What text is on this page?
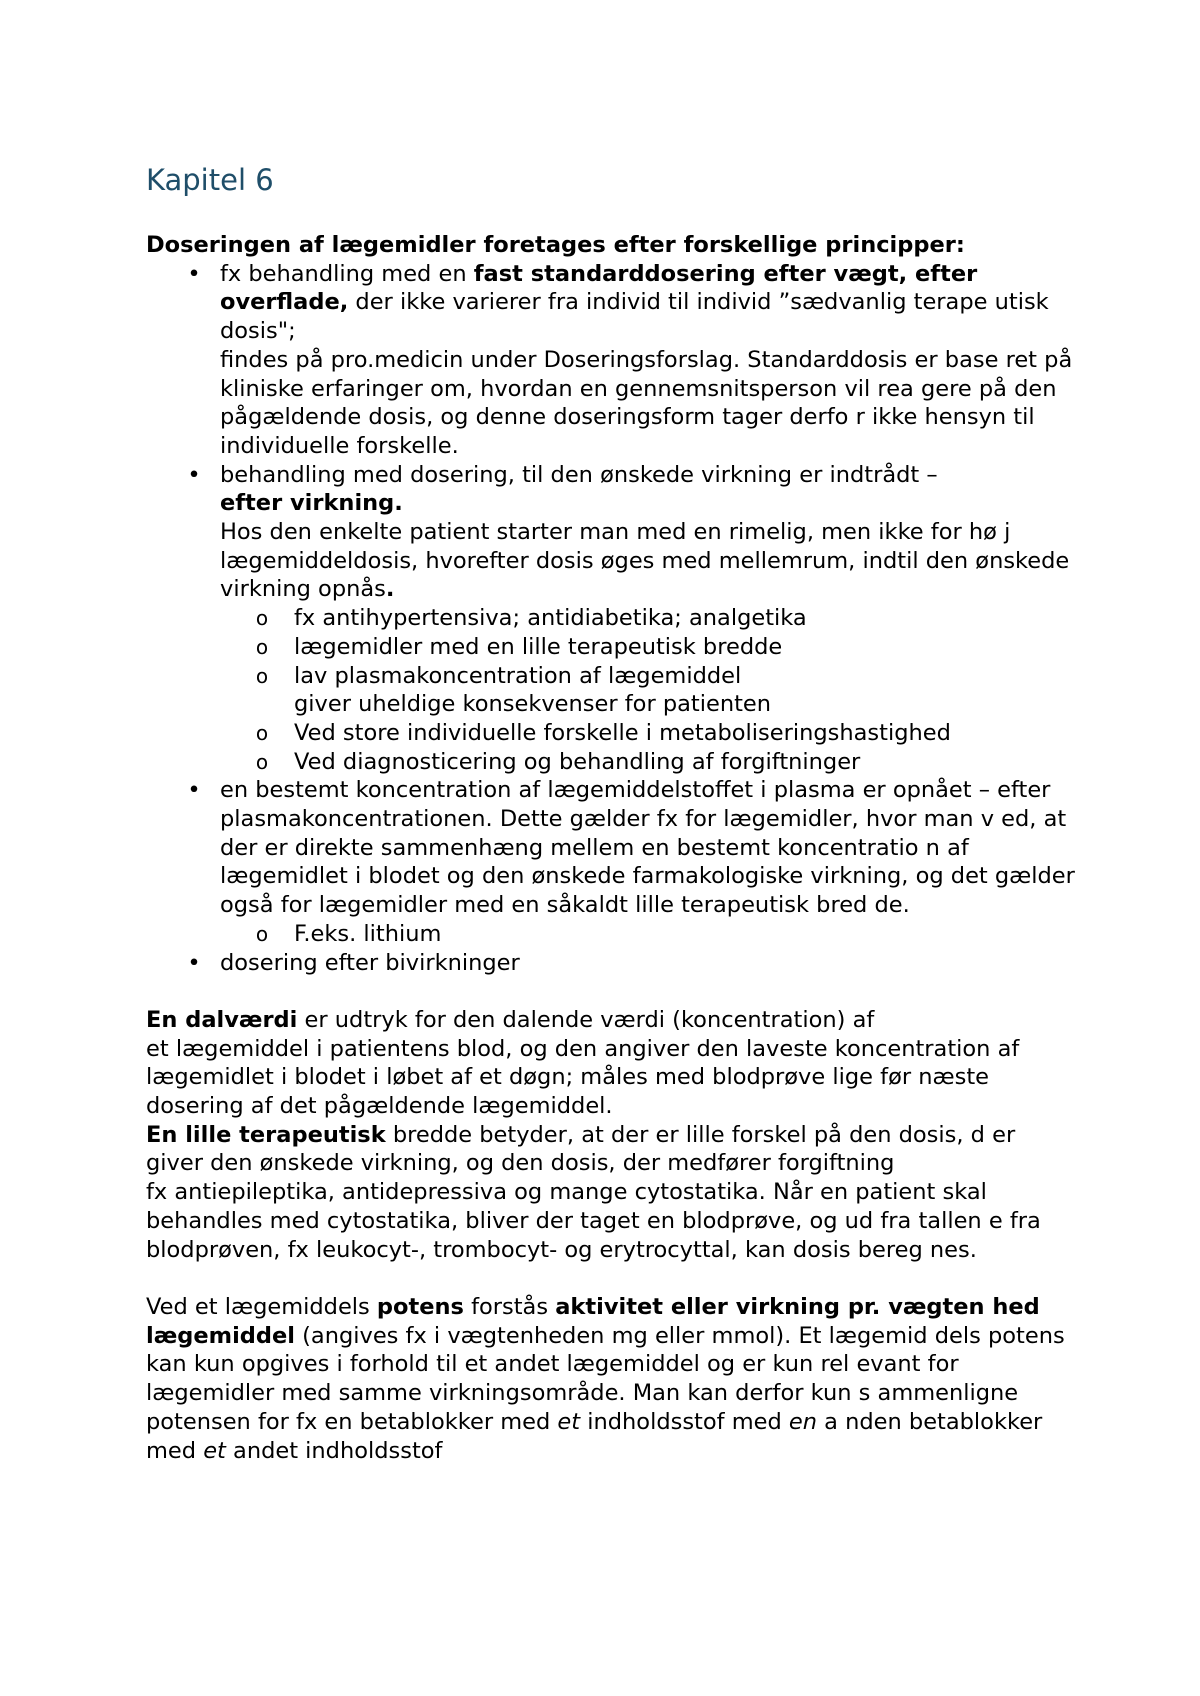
Kapitel 6

Doseringen af lægemidler foretages efter forskellige principper:

• fx behandling med en fast standarddosering efter vægt, efter overflade, der ikke varierer fra individ til individ ”sædvanlig terape utisk dosis";
findes på pro.medicin under Doseringsforslag. Standarddosis er base ret på kliniske erfaringer om, hvordan en gennemsnitsperson vil rea gere på den pågældende dosis, og denne doseringsform tager derfo r ikke hensyn til individuelle forskelle.
• behandling med dosering, til den ønskede virkning er indtrådt –
efter virkning.
Hos den enkelte patient starter man med en rimelig, men ikke for hø j lægemiddeldosis, hvorefter dosis øges med mellemrum, indtil den ønskede virkning opnås.
o fx antihypertensiva; antidiabetika; analgetika
o lægemidler med en lille terapeutisk bredde
o lav plasmakoncentration af lægemiddel
giver uheldige konsekvenser for patienten
o Ved store individuelle forskelle i metaboliseringshastighed
o Ved diagnosticering og behandling af forgiftninger
• en bestemt koncentration af lægemiddelstoffet i plasma er opnået – efter
plasmakoncentrationen. Dette gælder fx for lægemidler, hvor man v ed, at der er direkte sammenhæng mellem en bestemt koncentratio n af lægemidlet i blodet og den ønskede farmakologiske virkning, og det gælder også for lægemidler med en såkaldt lille terapeutisk bred de.
o F.eks. lithium
• dosering efter bivirkninger

En dalværdi er udtryk for den dalende værdi (koncentration) af
et lægemiddel i patientens blod, og den angiver den laveste koncentration af lægemidlet i blodet i løbet af et døgn; måles med blodprøve lige før næste dosering af det pågældende lægemiddel.

En lille terapeutisk bredde betyder, at der er lille forskel på den dosis, d er giver den ønskede virkning, og den dosis, der medfører forgiftning
fx antiepileptika, antidepressiva og mange cytostatika. Når en patient skal behandles med cytostatika, bliver der taget en blodprøve, og ud fra tallen e fra blodprøven, fx leukocyt-, trombocyt- og erytrocyttal, kan dosis bereg nes.

Ved et lægemiddels potens forstås aktivitet eller virkning pr. vægten hed lægemiddel (angives fx i vægtenheden mg eller mmol). Et lægemid dels potens kan kun opgives i forhold til et andet lægemiddel og er kun rel evant for lægemidler med samme virkningsområde. Man kan derfor kun s ammenligne potensen for fx en betablokker med et indholdsstof med en a nden betablokker med et andet indholdsstof
